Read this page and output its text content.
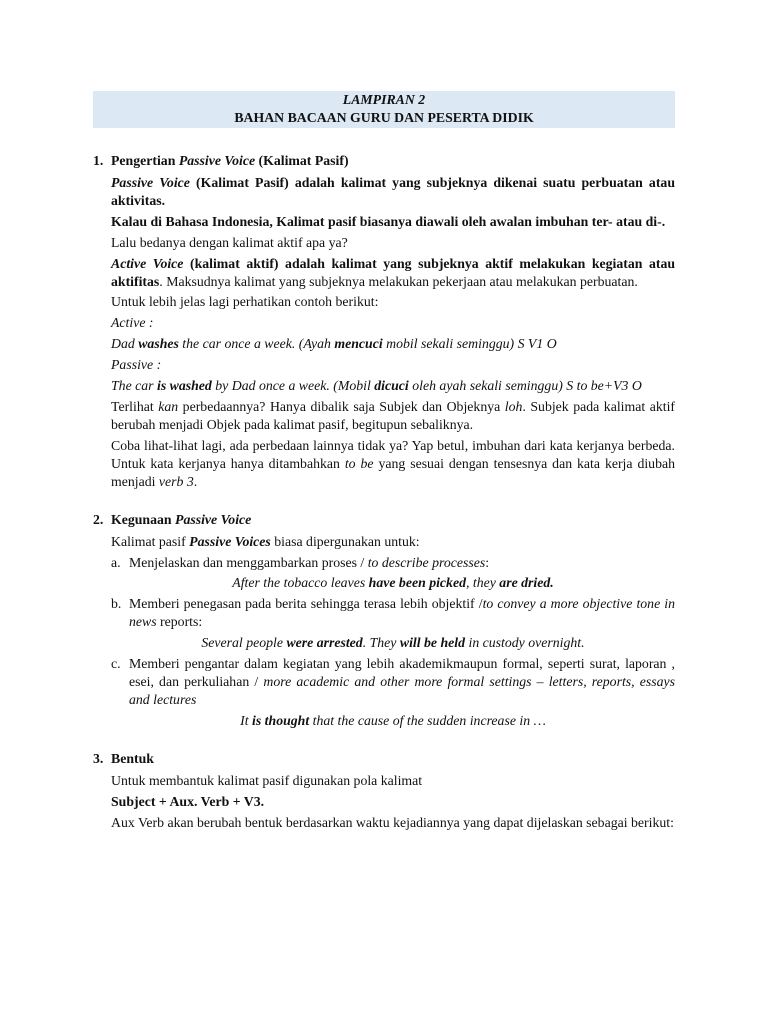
LAMPIRAN 2
BAHAN BACAAN GURU DAN PESERTA DIDIK
1. Pengertian Passive Voice (Kalimat Pasif)

Passive Voice (Kalimat Pasif) adalah kalimat yang subjeknya dikenai suatu perbuatan atau aktivitas.

Kalau di Bahasa Indonesia, Kalimat pasif biasanya diawali oleh awalan imbuhan ter- atau di-.

Lalu bedanya dengan kalimat aktif apa ya?

Active Voice (kalimat aktif) adalah kalimat yang subjeknya aktif melakukan kegiatan atau aktifitas. Maksudnya kalimat yang subjeknya melakukan pekerjaan atau melakukan perbuatan.

Untuk lebih jelas lagi perhatikan contoh berikut:

Active :

Dad washes the car once a week. (Ayah mencuci mobil sekali seminggu) S V1 O

Passive :

The car is washed by Dad once a week. (Mobil dicuci oleh ayah sekali seminggu) S to be+V3 O

Terlihat kan perbedaannya? Hanya dibalik saja Subjek dan Objeknya loh. Subjek pada kalimat aktif berubah menjadi Objek pada kalimat pasif, begitupun sebaliknya.

Coba lihat-lihat lagi, ada perbedaan lainnya tidak ya? Yap betul, imbuhan dari kata kerjanya berbeda. Untuk kata kerjanya hanya ditambahkan to be yang sesuai dengan tensesnya dan kata kerja diubah menjadi verb 3.

2. Kegunaan Passive Voice

Kalimat pasif Passive Voices biasa dipergunakan untuk:

a. Menjelaskan dan menggambarkan proses / to describe processes:

After the tobacco leaves have been picked, they are dried.

b. Memberi penegasan pada berita sehingga terasa lebih objektif /to convey a more objective tone in news reports:

Several people were arrested. They will be held in custody overnight.

c. Memberi pengantar dalam kegiatan yang lebih akademikmaupun formal, seperti surat, laporan , esei, dan perkuliahan / more academic and other more formal settings – letters, reports, essays and lectures

It is thought that the cause of the sudden increase in …

3. Bentuk

Untuk membantuk kalimat pasif digunakan pola kalimat

Subject + Aux. Verb + V3.

Aux Verb akan berubah bentuk berdasarkan waktu kejadiannya yang dapat dijelaskan sebagai berikut:
